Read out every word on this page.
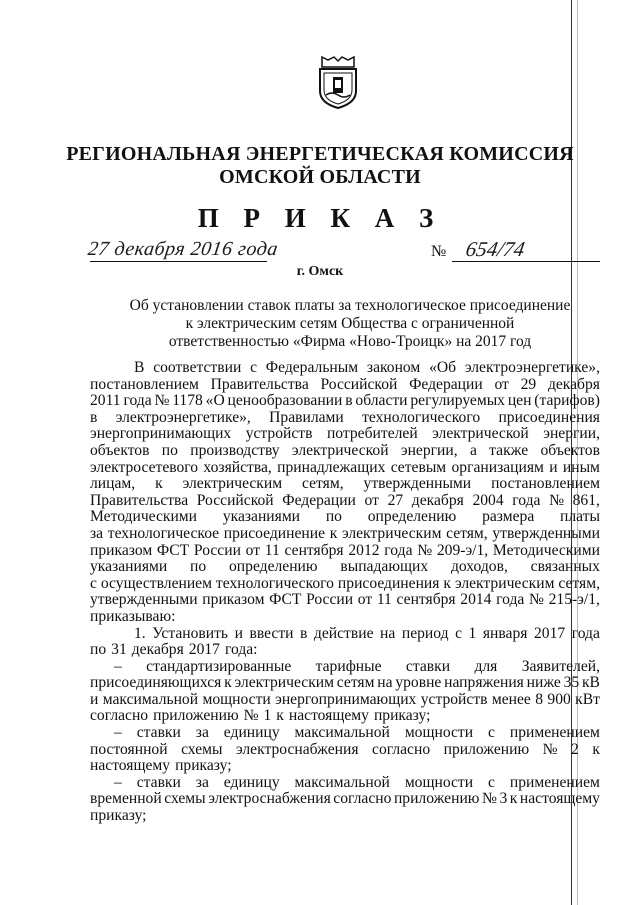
РЕГИОНАЛЬНАЯ ЭНЕРГЕТИЧЕСКАЯ КОМИССИЯ
ОМСКОЙ ОБЛАСТИ
П Р И К А З
27 декабря 2016 года	№ 654/74
г. Омск
Об установлении ставок платы за технологическое присоединение
к электрическим сетям Общества с ограниченной
ответственностью «Фирма «Ново-Троицк» на 2017 год
В соответствии с Федеральным законом «Об электроэнергетике»,
постановлением Правительства Российской Федерации от 29 декабря
2011 года № 1178 «О ценообразовании в области регулируемых цен (тарифов)
в электроэнергетике», Правилами технологического присоединения
энергопринимающих устройств потребителей электрической энергии,
объектов по производству электрической энергии, а также объектов
электросетевого хозяйства, принадлежащих сетевым организациям и иным
лицам, к электрическим сетям, утвержденными постановлением
Правительства Российской Федерации от 27 декабря 2004 года № 861,
Методическими указаниями по определению размера платы
за технологическое присоединение к электрическим сетям, утвержденными
приказом ФСТ России от 11 сентября 2012 года № 209-э/1, Методическими
указаниями по определению выпадающих доходов, связанных
с осуществлением технологического присоединения к электрическим сетям,
утвержденными приказом ФСТ России от 11 сентября 2014 года № 215-э/1,
приказываю:
1. Установить и ввести в действие на период с 1 января 2017 года
по 31 декабря 2017 года:
– стандартизированные тарифные ставки для Заявителей,
присоединяющихся к электрическим сетям на уровне напряжения ниже 35 кВ
и максимальной мощности энергопринимающих устройств менее 8 900 кВт
согласно приложению № 1 к настоящему приказу;
– ставки за единицу максимальной мощности с применением
постоянной схемы электроснабжения согласно приложению № 2 к
настоящему приказу;
– ставки за единицу максимальной мощности с применением
временной схемы электроснабжения согласно приложению № 3 к настоящему
приказу;
